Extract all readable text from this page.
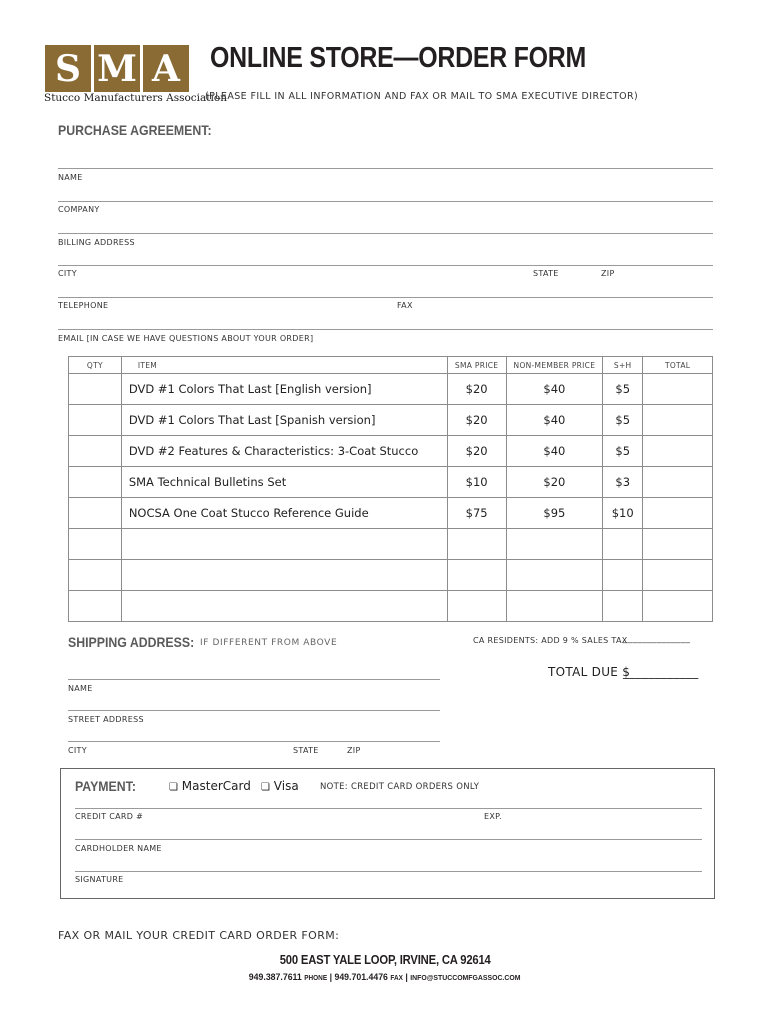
S M A
Stucco Manufacturers Association
ONLINE STORE—ORDER FORM
(PLEASE FILL IN ALL INFORMATION AND FAX OR MAIL TO SMA EXECUTIVE DIRECTOR)
PURCHASE AGREEMENT:
NAME
COMPANY
BILLING ADDRESS
CITY	STATE	ZIP
TELEPHONE	FAX
EMAIL [IN CASE WE HAVE QUESTIONS ABOUT YOUR ORDER]
QTY	ITEM	SMA PRICE	NON-MEMBER PRICE	S+H	TOTAL
	DVD #1 Colors That Last [English version]	$20	$40	$5	
	DVD #1 Colors That Last [Spanish version]	$20	$40	$5	
	DVD #2 Features & Characteristics: 3-Coat Stucco	$20	$40	$5	
	SMA Technical Bulletins Set	$10	$20	$3	
	NOCSA One Coat Stucco Reference Guide	$75	$95	$10	

SHIPPING ADDRESS: IF DIFFERENT FROM ABOVE	CA RESIDENTS: ADD 9 % SALES TAX
______________
TOTAL DUE $
____________
NAME
STREET ADDRESS
CITY	STATE	ZIP
PAYMENT:	❏ MasterCard ❏ Visa	NOTE: CREDIT CARD ORDERS ONLY
CREDIT CARD #	EXP.
CARDHOLDER NAME
SIGNATURE
FAX OR MAIL YOUR CREDIT CARD ORDER FORM:
500 EAST YALE LOOP, IRVINE, CA 92614
949.387.7611 PHONE | 949.701.4476 FAX | INFO@STUCCOMFGASSOC.COM
